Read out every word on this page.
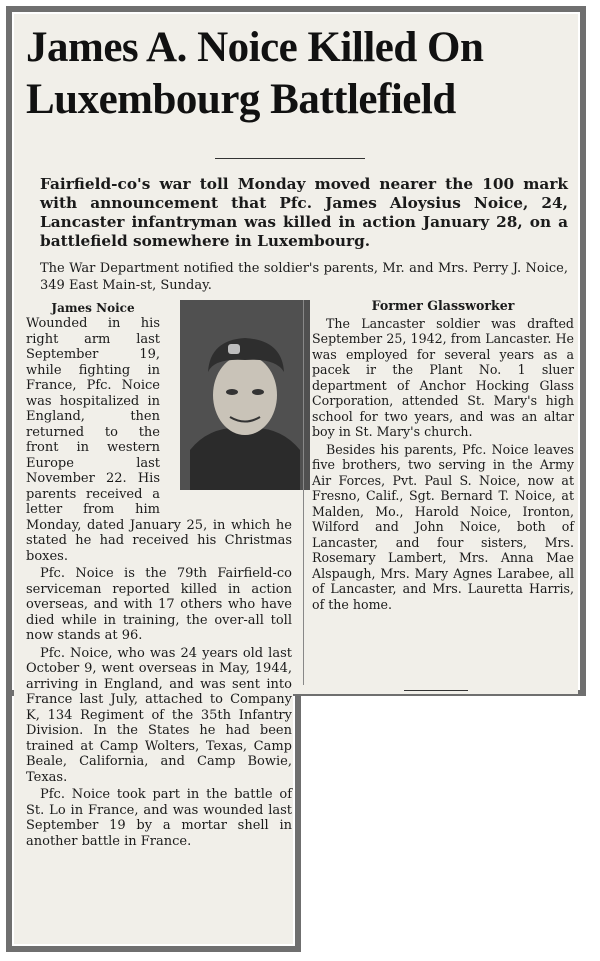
James A. Noice Killed On Luxembourg Battlefield

Fairfield-co's war toll Monday moved nearer the 100 mark with announcement that Pfc. James Aloysius Noice, 24, Lancaster infantryman was killed in action January 28, on a battlefield somewhere in Luxembourg.

The War Department notified the soldier's parents, Mr. and Mrs. Perry J. Noice, 349 East Main-st, Sunday.

James Noice
Wounded in his right arm last September 19, while fighting in France, Pfc. Noice was hospitalized in England, then returned to the front in western Europe last November 22. His parents received a letter from him Monday, dated January 25, in which he stated he had received his Christmas boxes.

Pfc. Noice is the 79th Fairfield-co serviceman reported killed in action overseas, and with 17 others who have died while in training, the over-all toll now stands at 96.

Pfc. Noice, who was 24 years old last October 9, went overseas in May, 1944, arriving in England, and was sent into France last July, attached to Company K, 134 Regiment of the 35th Infantry Division. In the States he had been trained at Camp Wolters, Texas, Camp Beale, California, and Camp Bowie, Texas.

Pfc. Noice took part in the battle of St. Lo in France, and was wounded last September 19 by a mortar shell in another battle in France.

Former Glassworker

The Lancaster soldier was drafted September 25, 1942, from Lancaster. He was employed for several years as a pacek ir the Plant No. 1 sluer department of Anchor Hocking Glass Corporation, attended St. Mary's high school for two years, and was an altar boy in St. Mary's church.

Besides his parents, Pfc. Noice leaves five brothers, two serving in the Army Air Forces, Pvt. Paul S. Noice, now at Fresno, Calif., Sgt. Bernard T. Noice, at Malden, Mo., Harold Noice, Ironton, Wilford and John Noice, both of Lancaster, and four sisters, Mrs. Rosemary Lambert, Mrs. Anna Mae Alspaugh, Mrs. Mary Agnes Larabee, all of Lancaster, and Mrs. Lauretta Harris, of the home.
